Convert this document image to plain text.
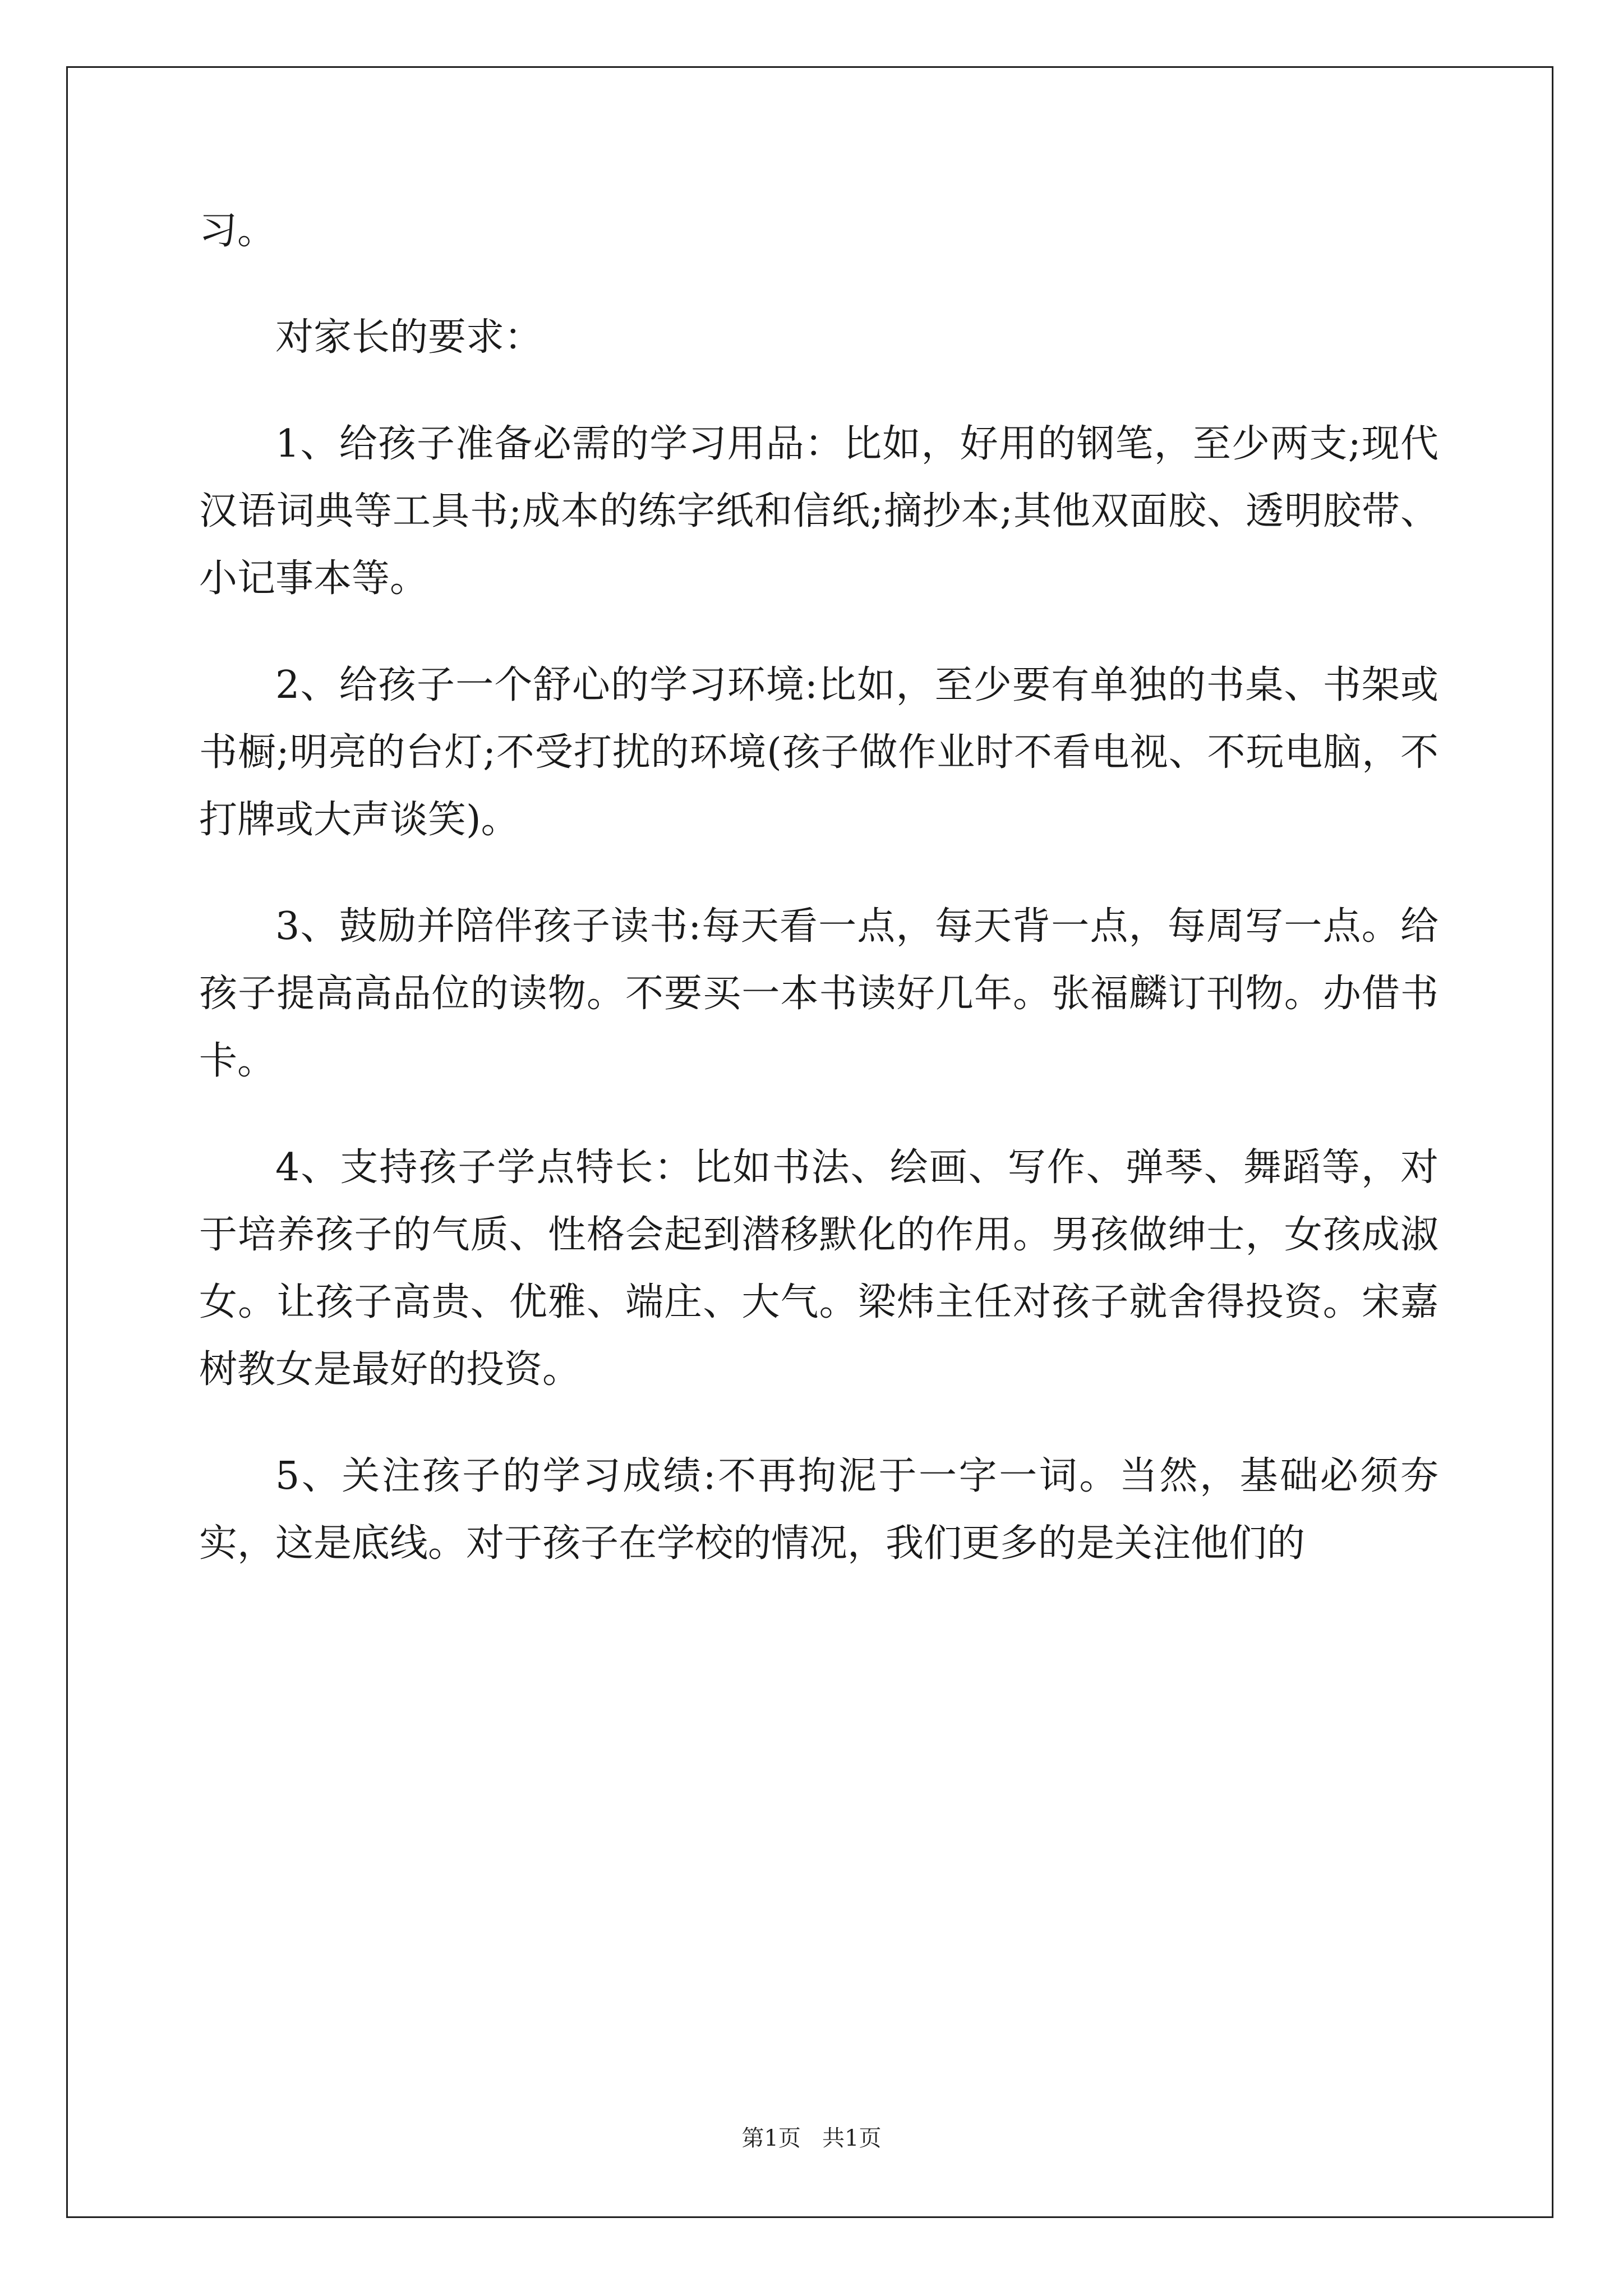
习。

对家长的要求：

1、给孩子准备必需的学习用品：比如，好用的钢笔，至少两支;现代汉语词典等工具书;成本的练字纸和信纸;摘抄本;其他双面胶、透明胶带、小记事本等。

2、给孩子一个舒心的学习环境:比如，至少要有单独的书桌、书架或书橱;明亮的台灯;不受打扰的环境(孩子做作业时不看电视、不玩电脑，不打牌或大声谈笑)。

3、鼓励并陪伴孩子读书:每天看一点，每天背一点，每周写一点。给孩子提高高品位的读物。不要买一本书读好几年。张福麟订刊物。办借书卡。

4、支持孩子学点特长：比如书法、绘画、写作、弹琴、舞蹈等，对于培养孩子的气质、性格会起到潜移默化的作用。男孩做绅士，女孩成淑女。让孩子高贵、优雅、端庄、大气。梁炜主任对孩子就舍得投资。宋嘉树教女是最好的投资。

5、关注孩子的学习成绩:不再拘泥于一字一词。当然，基础必须夯实，这是底线。对于孩子在学校的情况，我们更多的是关注他们的

第1页   共1页
